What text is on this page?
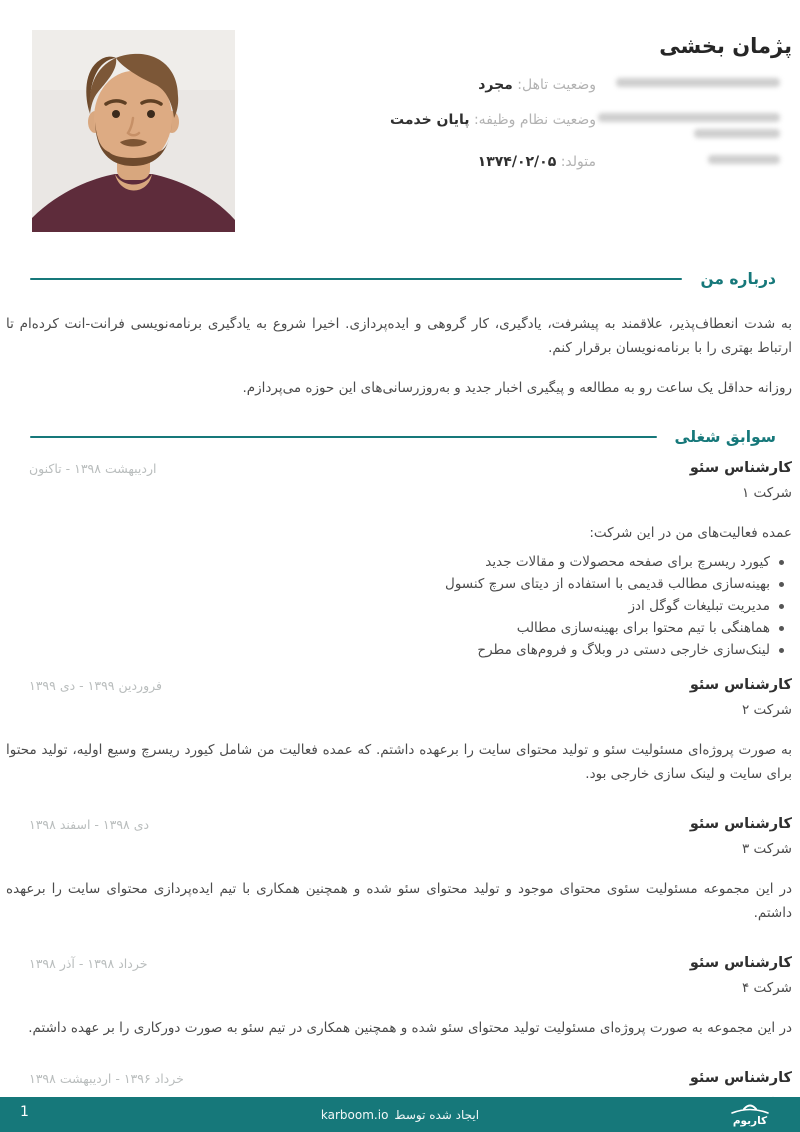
پژمان بخشی
وضعیت تاهل: مجرد
وضعیت نظام وظیفه: پایان خدمت
متولد: ۱۳۷۴/۰۲/۰۵
درباره من

به شدت انعطاف‌پذیر، علاقمند به پیشرفت، یادگیری، کار گروهی و ایده‌پردازی. اخیرا شروع به یادگیری برنامه‌نویسی فرانت-انت کرده‌ام تا ارتباط بهتری را با برنامه‌نویسان برقرار کنم.

روزانه حداقل یک ساعت رو به مطالعه و پیگیری اخبار جدید و به‌روزرسانی‌های این حوزه می‌پردازم.

سوابق شغلی
اردیبهشت ۱۳۹۸ - تاکنون	کارشناس سئو
شرکت ۱
عمده فعالیت‌های من در این شرکت:
کیورد ریسرچ برای صفحه محصولات و مقالات جدید
بهینه‌سازی مطالب قدیمی با استفاده از دیتای سرچ کنسول
مدیریت تبلیغات گوگل ادز
هماهنگی با تیم محتوا برای بهینه‌سازی مطالب
لینک‌سازی خارجی دستی در وبلاگ و فروم‌های مطرح
فروردین ۱۳۹۹ - دی ۱۳۹۹	کارشناس سئو
شرکت ۲
به صورت پروژه‌ای مسئولیت سئو و تولید محتوای سایت را برعهده داشتم. که عمده فعالیت من شامل کیورد ریسرچ وسیع اولیه، تولید محتوا برای سایت و لینک سازی خارجی بود.
دی ۱۳۹۸ - اسفند ۱۳۹۸	کارشناس سئو
شرکت ۳
در این مجموعه مسئولیت سئوی محتوای موجود و تولید محتوای سئو شده و همچنین همکاری با تیم ایده‌پردازی محتوای سایت را برعهده داشتم.
خرداد ۱۳۹۸ - آذر ۱۳۹۸	کارشناس سئو
شرکت ۴
در این مجموعه به صورت پروژه‌ای مسئولیت تولید محتوای سئو شده و همچنین همکاری در تیم سئو به صورت دورکاری را بر عهده داشتم.
خرداد ۱۳۹۶ - اردیبهشت ۱۳۹۸	کارشناس سئو
1	ایجاد شده توسط
karboom.io	کاربوم
